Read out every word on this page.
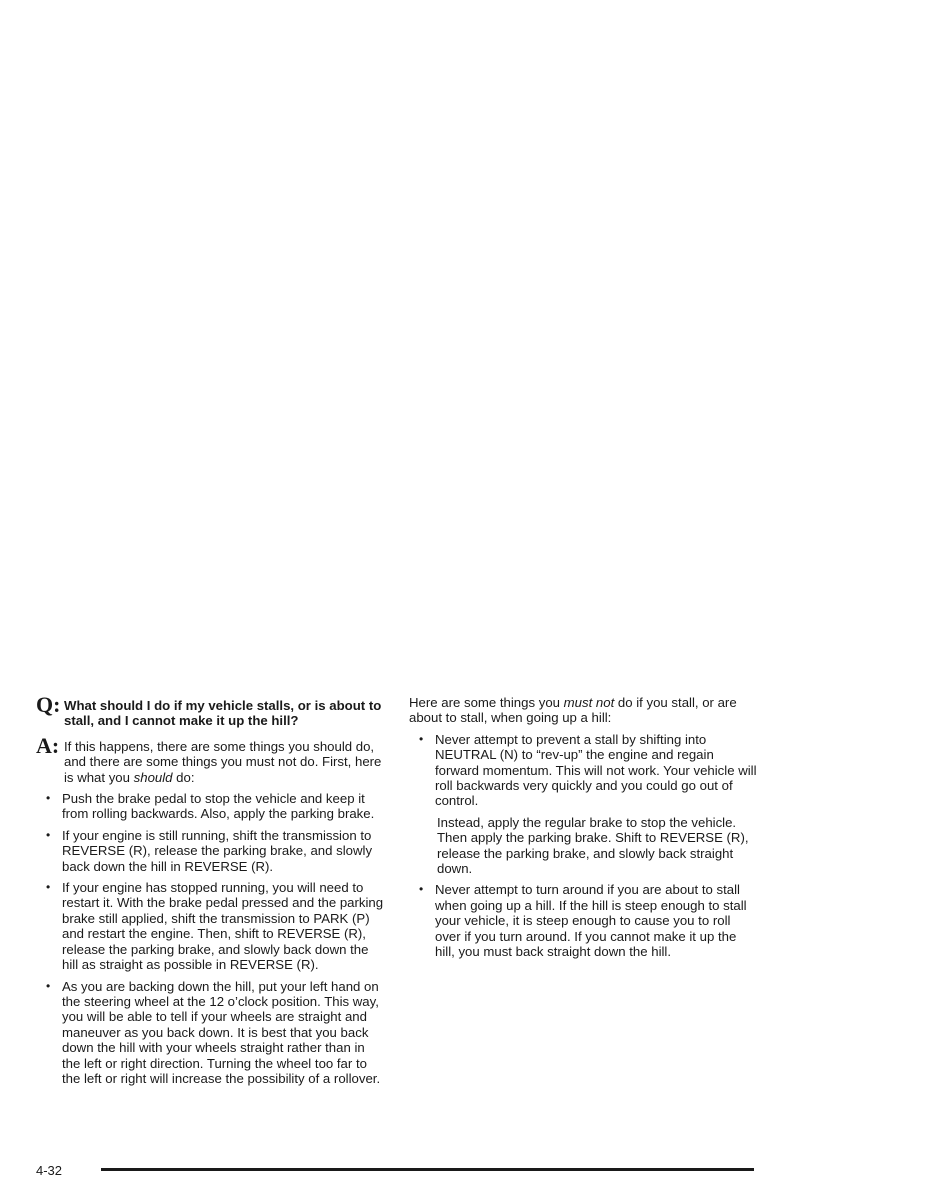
Q: What should I do if my vehicle stalls, or is about to stall, and I cannot make it up the hill?
A: If this happens, there are some things you should do, and there are some things you must not do. First, here is what you should do:
• Push the brake pedal to stop the vehicle and keep it from rolling backwards. Also, apply the parking brake.
• If your engine is still running, shift the transmission to REVERSE (R), release the parking brake, and slowly back down the hill in REVERSE (R).
• If your engine has stopped running, you will need to restart it. With the brake pedal pressed and the parking brake still applied, shift the transmission to PARK (P) and restart the engine. Then, shift to REVERSE (R), release the parking brake, and slowly back down the hill as straight as possible in REVERSE (R).
• As you are backing down the hill, put your left hand on the steering wheel at the 12 o’clock position. This way, you will be able to tell if your wheels are straight and maneuver as you back down. It is best that you back down the hill with your wheels straight rather than in the left or right direction. Turning the wheel too far to the left or right will increase the possibility of a rollover.
Here are some things you must not do if you stall, or are about to stall, when going up a hill:
• Never attempt to prevent a stall by shifting into NEUTRAL (N) to “rev-up” the engine and regain forward momentum. This will not work. Your vehicle will roll backwards very quickly and you could go out of control.
Instead, apply the regular brake to stop the vehicle. Then apply the parking brake. Shift to REVERSE (R), release the parking brake, and slowly back straight down.
• Never attempt to turn around if you are about to stall when going up a hill. If the hill is steep enough to stall your vehicle, it is steep enough to cause you to roll over if you turn around. If you cannot make it up the hill, you must back straight down the hill.
4-32
